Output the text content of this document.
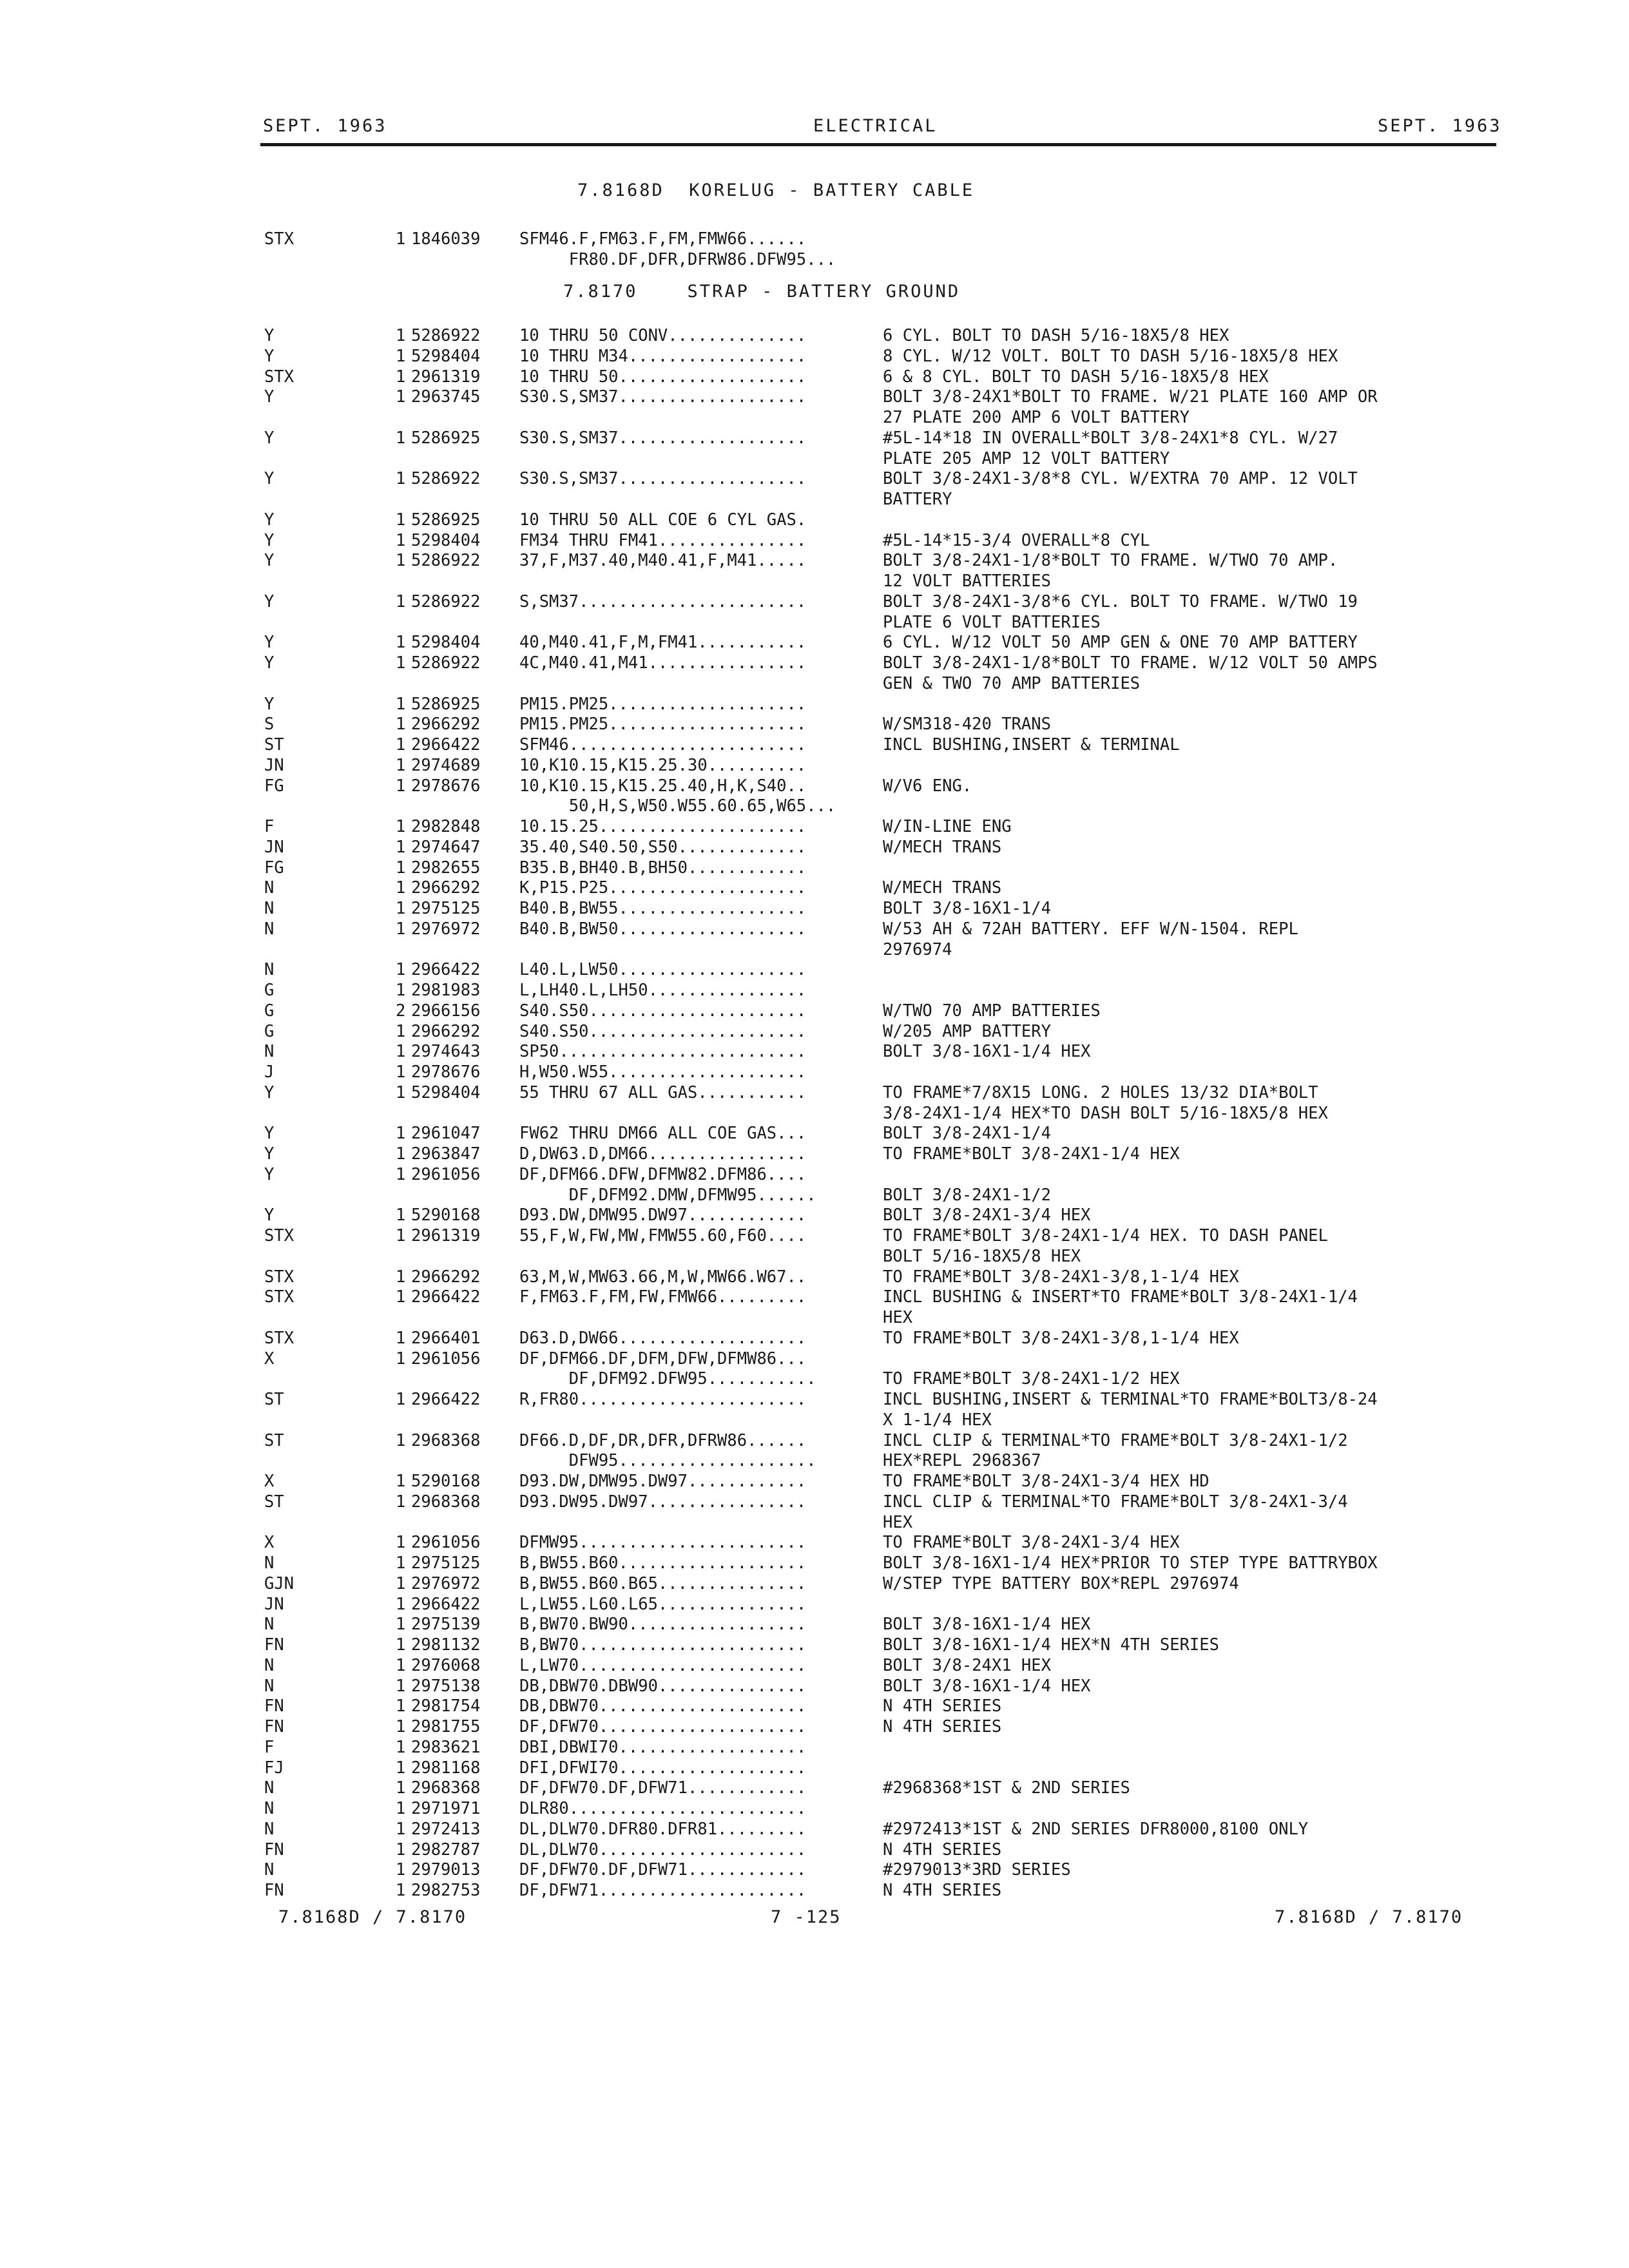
SEPT. 1963	ELECTRICAL	SEPT. 1963
7.8168D  KORELUG - BATTERY CABLE
7.8170    STRAP - BATTERY GROUND
STX	1 1846039 SFM46.F,FM63.F,FM,FMW66......
FR80.DF,DFR,DFRW86.DFW95...
Y	1 5286922 10 THRU 50 CONV..............	6 CYL. BOLT TO DASH 5/16-18X5/8 HEX
Y	1 5298404 10 THRU M34..................	8 CYL. W/12 VOLT. BOLT TO DASH 5/16-18X5/8 HEX
STX	1 2961319 10 THRU 50...................	6 & 8 CYL. BOLT TO DASH 5/16-18X5/8 HEX
Y	1 2963745 S30.S,SM37...................	BOLT 3/8-24X1*BOLT TO FRAME. W/21 PLATE 160 AMP OR
27 PLATE 200 AMP 6 VOLT BATTERY
Y	1 5286925 S30.S,SM37...................	#5L-14*18 IN OVERALL*BOLT 3/8-24X1*8 CYL. W/27
PLATE 205 AMP 12 VOLT BATTERY
Y	1 5286922 S30.S,SM37...................	BOLT 3/8-24X1-3/8*8 CYL. W/EXTRA 70 AMP. 12 VOLT
BATTERY
Y	1 5286925 10 THRU 50 ALL COE 6 CYL GAS.
Y	1 5298404 FM34 THRU FM41...............	#5L-14*15-3/4 OVERALL*8 CYL
Y	1 5286922 37,F,M37.40,M40.41,F,M41.....	BOLT 3/8-24X1-1/8*BOLT TO FRAME. W/TWO 70 AMP.
12 VOLT BATTERIES
Y	1 5286922 S,SM37.......................	BOLT 3/8-24X1-3/8*6 CYL. BOLT TO FRAME. W/TWO 19
PLATE 6 VOLT BATTERIES
Y	1 5298404 40,M40.41,F,M,FM41...........	6 CYL. W/12 VOLT 50 AMP GEN & ONE 70 AMP BATTERY
Y	1 5286922 4C,M40.41,M41................	BOLT 3/8-24X1-1/8*BOLT TO FRAME. W/12 VOLT 50 AMPS
GEN & TWO 70 AMP BATTERIES
Y	1 5286925 PM15.PM25....................
S	1 2966292 PM15.PM25....................	W/SM318-420 TRANS
ST	1 2966422 SFM46........................	INCL BUSHING,INSERT & TERMINAL
JN	1 2974689 10,K10.15,K15.25.30..........
FG	1 2978676 10,K10.15,K15.25.40,H,K,S40..	W/V6 ENG.
50,H,S,W50.W55.60.65,W65...
F	1 2982848 10.15.25.....................	W/IN-LINE ENG
JN	1 2974647 35.40,S40.50,S50.............	W/MECH TRANS
FG	1 2982655 B35.B,BH40.B,BH50............
N	1 2966292 K,P15.P25....................	W/MECH TRANS
N	1 2975125 B40.B,BW55...................	BOLT 3/8-16X1-1/4
N	1 2976972 B40.B,BW50...................	W/53 AH & 72AH BATTERY. EFF W/N-1504. REPL
2976974
N	1 2966422 L40.L,LW50...................
G	1 2981983 L,LH40.L,LH50................
G	2 2966156 S40.S50......................	W/TWO 70 AMP BATTERIES
G	1 2966292 S40.S50......................	W/205 AMP BATTERY
N	1 2974643 SP50.........................	BOLT 3/8-16X1-1/4 HEX
J	1 2978676 H,W50.W55....................
Y	1 5298404 55 THRU 67 ALL GAS...........	TO FRAME*7/8X15 LONG. 2 HOLES 13/32 DIA*BOLT
3/8-24X1-1/4 HEX*TO DASH BOLT 5/16-18X5/8 HEX
Y	1 2961047 FW62 THRU DM66 ALL COE GAS...	BOLT 3/8-24X1-1/4
Y	1 2963847 D,DW63.D,DM66................	TO FRAME*BOLT 3/8-24X1-1/4 HEX
Y	1 2961056 DF,DFM66.DFW,DFMW82.DFM86....
DF,DFM92.DMW,DFMW95......	BOLT 3/8-24X1-1/2
Y	1 5290168 D93.DW,DMW95.DW97............	BOLT 3/8-24X1-3/4 HEX
STX	1 2961319 55,F,W,FW,MW,FMW55.60,F60....	TO FRAME*BOLT 3/8-24X1-1/4 HEX. TO DASH PANEL
BOLT 5/16-18X5/8 HEX
STX	1 2966292 63,M,W,MW63.66,M,W,MW66.W67..	TO FRAME*BOLT 3/8-24X1-3/8,1-1/4 HEX
STX	1 2966422 F,FM63.F,FM,FW,FMW66.........	INCL BUSHING & INSERT*TO FRAME*BOLT 3/8-24X1-1/4
HEX
STX	1 2966401 D63.D,DW66...................	TO FRAME*BOLT 3/8-24X1-3/8,1-1/4 HEX
X	1 2961056 DF,DFM66.DF,DFM,DFW,DFMW86...
DF,DFM92.DFW95...........	TO FRAME*BOLT 3/8-24X1-1/2 HEX
ST	1 2966422 R,FR80.......................	INCL BUSHING,INSERT & TERMINAL*TO FRAME*BOLT3/8-24
X 1-1/4 HEX
ST	1 2968368 DF66.D,DF,DR,DFR,DFRW86......	INCL CLIP & TERMINAL*TO FRAME*BOLT 3/8-24X1-1/2
DFW95....................	HEX*REPL 2968367
X	1 5290168 D93.DW,DMW95.DW97............	TO FRAME*BOLT 3/8-24X1-3/4 HEX HD
ST	1 2968368 D93.DW95.DW97................	INCL CLIP & TERMINAL*TO FRAME*BOLT 3/8-24X1-3/4
HEX
X	1 2961056 DFMW95.......................	TO FRAME*BOLT 3/8-24X1-3/4 HEX
N	1 2975125 B,BW55.B60...................	BOLT 3/8-16X1-1/4 HEX*PRIOR TO STEP TYPE BATTRYBOX
GJN	1 2976972 B,BW55.B60.B65...............	W/STEP TYPE BATTERY BOX*REPL 2976974
JN	1 2966422 L,LW55.L60.L65...............
N	1 2975139 B,BW70.BW90..................	BOLT 3/8-16X1-1/4 HEX
FN	1 2981132 B,BW70.......................	BOLT 3/8-16X1-1/4 HEX*N 4TH SERIES
N	1 2976068 L,LW70.......................	BOLT 3/8-24X1 HEX
N	1 2975138 DB,DBW70.DBW90...............	BOLT 3/8-16X1-1/4 HEX
FN	1 2981754 DB,DBW70.....................	N 4TH SERIES
FN	1 2981755 DF,DFW70.....................	N 4TH SERIES
F	1 2983621 DBI,DBWI70...................
FJ	1 2981168 DFI,DFWI70...................
N	1 2968368 DF,DFW70.DF,DFW71............	#2968368*1ST & 2ND SERIES
N	1 2971971 DLR80........................
N	1 2972413 DL,DLW70.DFR80.DFR81.........	#2972413*1ST & 2ND SERIES DFR8000,8100 ONLY
FN	1 2982787 DL,DLW70.....................	N 4TH SERIES
N	1 2979013 DF,DFW70.DF,DFW71............	#2979013*3RD SERIES
FN	1 2982753 DF,DFW71.....................	N 4TH SERIES
7.8168D / 7.8170	7 -125	7.8168D / 7.8170
